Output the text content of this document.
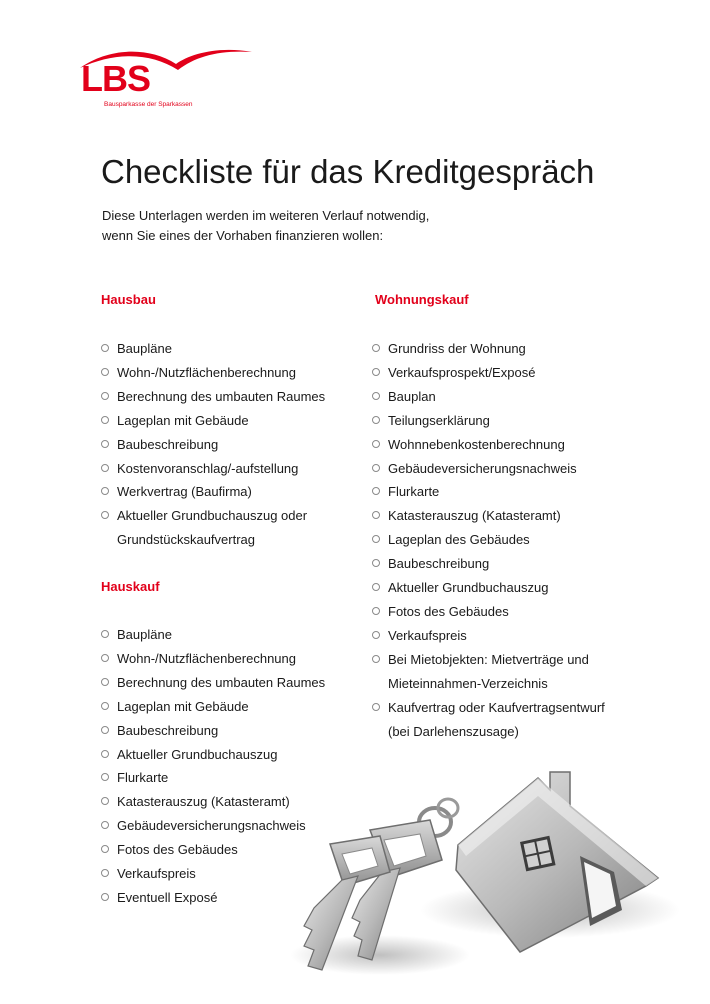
LBS
Bausparkasse der Sparkassen
Checkliste für das Kreditgespräch
Diese Unterlagen werden im weiteren Verlauf notwendig,
wenn Sie eines der Vorhaben finanzieren wollen:
Hausbau
Baupläne
Wohn-/Nutzflächenberechnung
Berechnung des umbauten Raumes
Lageplan mit Gebäude
Baubeschreibung
Kostenvoranschlag/-aufstellung
Werkvertrag (Baufirma)
Aktueller Grundbuchauszug oder
Grundstückskaufvertrag
Hauskauf
Baupläne
Wohn-/Nutzflächenberechnung
Berechnung des umbauten Raumes
Lageplan mit Gebäude
Baubeschreibung
Aktueller Grundbuchauszug
Flurkarte
Katasterauszug (Katasteramt)
Gebäudeversicherungsnachweis
Fotos des Gebäudes
Verkaufspreis
Eventuell Exposé
Wohnungskauf
Grundriss der Wohnung
Verkaufsprospekt/Exposé
Bauplan
Teilungserklärung
Wohnnebenkostenberechnung
Gebäudeversicherungsnachweis
Flurkarte
Katasterauszug (Katasteramt)
Lageplan des Gebäudes
Baubeschreibung
Aktueller Grundbuchauszug
Fotos des Gebäudes
Verkaufspreis
Bei Mietobjekten: Mietverträge und
Mieteinnahmen-Verzeichnis
Kaufvertrag oder Kaufvertragsentwurf
(bei Darlehenszusage)
